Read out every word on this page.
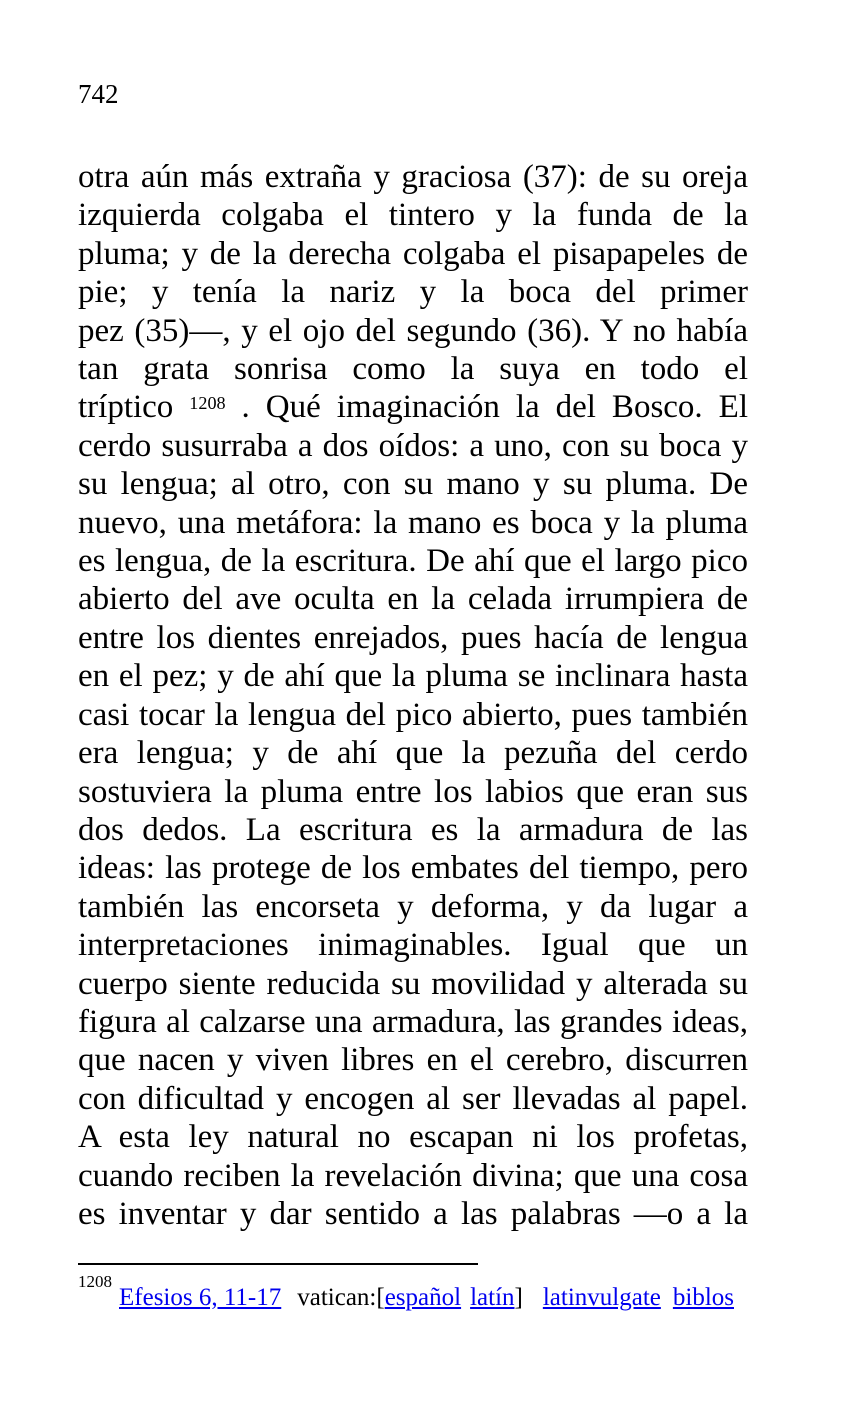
742
otra aún más extraña y graciosa (37): de su oreja
izquierda colgaba el tintero y la funda de la
pluma; y de la derecha colgaba el pisapapeles de
pie; y tenía la nariz y la boca del primer
pez (35)—, y el ojo del segundo (36). Y no había
tan grata sonrisa como la suya en todo el
tríptico $^{1208}$ . Qué imaginación la del Bosco. El
cerdo susurraba a dos oídos: a uno, con su boca y
su lengua; al otro, con su mano y su pluma. De
nuevo, una metáfora: la mano es boca y la pluma
es lengua, de la escritura. De ahí que el largo pico
abierto del ave oculta en la celada irrumpiera de
entre los dientes enrejados, pues hacía de lengua
en el pez; y de ahí que la pluma se inclinara hasta
casi tocar la lengua del pico abierto, pues también
era lengua; y de ahí que la pezuña del cerdo
sostuviera la pluma entre los labios que eran sus
dos dedos. La escritura es la armadura de las
ideas: las protege de los embates del tiempo, pero
también las encorseta y deforma, y da lugar a
interpretaciones inimaginables. Igual que un
cuerpo siente reducida su movilidad y alterada su
figura al calzarse una armadura, las grandes ideas,
que nacen y viven libres en el cerebro, discurren
con dificultad y encogen al ser llevadas al papel.
A esta ley natural no escapan ni los profetas,
cuando reciben la revelación divina; que una cosa
es inventar y dar sentido a las palabras —o a la
$^{1208}$Efesios 6, 11-17 vatican:[español latín] latinvulgate biblos
